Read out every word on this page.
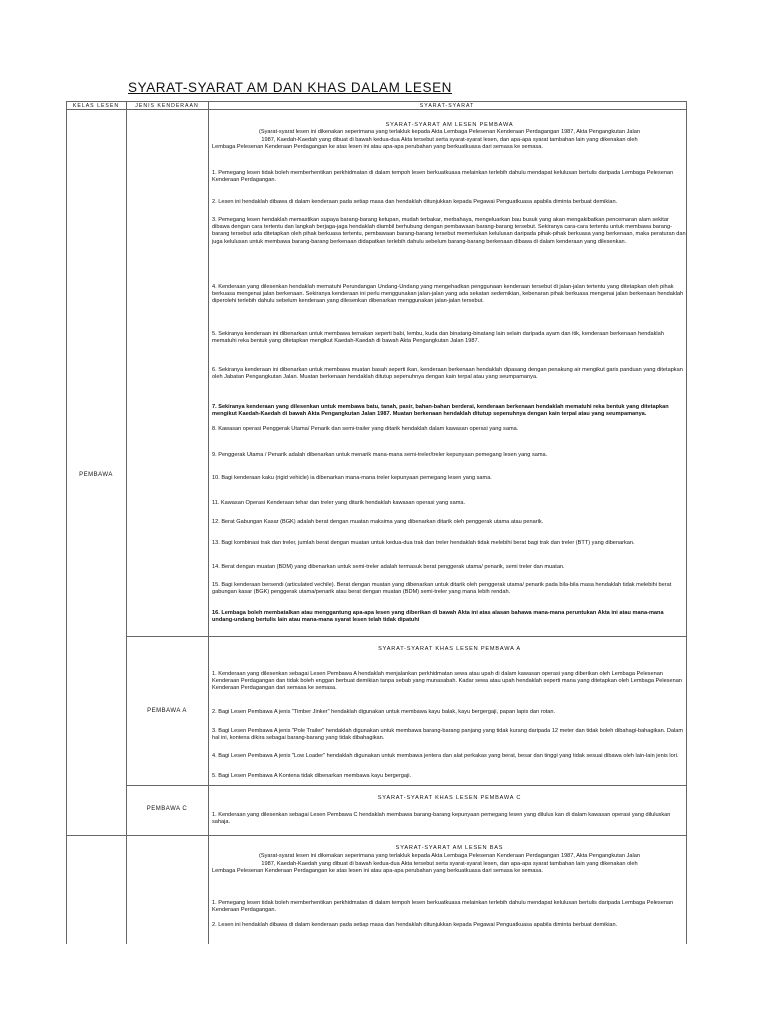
SYARAT-SYARAT AM DAN KHAS DALAM LESEN
KELAS LESEN	JENIS KENDERAAN	SYARAT-SYARAT
PEMBAWA
PEMBAWA A
PEMBAWA C
SYARAT-SYARAT AM LESEN PEMBAWA
(Syarat-syarat lesen ini dikenakan seperimana yang terlakluk kepada Akta Lembaga Pelesenan Kenderaan Perdagangan 1987, Akta Pengangkutan Jalan
1987, Kaedah-Kaedah yang dibuat di bawah kedua-dua Akta tersebut serta syarat-syarat lesen, dan apa-apa syarat tambahan lain yang dikenakan oleh
Lembaga Pelesenan Kenderaan Perdagangan ke atas lesen ini atau apa-apa perubahan yang berkuatkuasa dari semasa ke semasa.
1. Pemegang lesen tidak boleh memberhentikan perkhidmatan di dalam tempoh lesen berkuatkuasa melainkan terlebih dahulu mendapat kelulusan bertulis daripada Lembaga Pelesenan Kenderaan Perdagangan.
2. Lesen ini hendaklah dibawa di dalam kenderaan pada setiap masa dan hendaklah ditunjukkan kepada Pegawai Penguatkuasa apabila diminta berbuat demikian.
3. Pemegang lesen hendaklah memastikan supaya barang-barang ketupan, mudah terbakar, merbahaya, mengeluarkan bau busuk yang akan mengakibatkan pencemaran alam sekitar dibawa dengan cara tertentu dan langkah berjaga-jaga hendaklah diambil berhubung dengan pembawaan barang-barang tersebut. Sekiranya cara-cara tertentu untuk membawa barang-barang tersebut ada ditetapkan oleh pihak berkuasa tertentu, pembawaan barang-barang tersebut memerlukan kelulusan daripada pihak-pihak berkuasa yang berkenaan, maka peraturan dan juga kelulusan untuk membawa barang-barang berkenaan didapatkan terlebih dahulu sebelum barang-barang berkenaan dibawa di dalam kenderaan yang dilesenkan.
4. Kenderaan yang dilesenkan hendaklah mematuhi Perundangan Undang-Undang yang mengehadkan penggunaan kenderaan tersebut di jalan-jalan tertentu yang ditetapkan oleh pihak berkuasa mengenai jalan berkenaan. Sekiranya kenderaan ini perlu menggunakan jalan-jalan yang ada sekatan sedemikian, kebenaran pihak berkuasa mengenai jalan berkenaan hendaklah diperolehi terlebih dahulu sebelum kenderaan yang dilesenkan dibenarkan menggunakan jalan-jalan tersebut.
5. Sekiranya kenderaan ini dibenarkan untuk membawa ternakan seperti babi, lembu, kuda dan binatang-binatang lain selain daripada ayam dan itik, kenderaan berkenaan hendaklah mematuhi reka bentuk yang ditetapkan mengikut Kaedah-Kaedah di bawah Akta Pengangkutan Jalan 1987.
6. Sekiranya kenderaan ini dibenarkan untuk membawa muatan basah seperti ikan, kenderaan berkenaan hendaklah dipasang dengan penakung air mengikut garis panduan yang ditetapkan oleh Jabatan Pengangkutan Jalan. Muatan berkenaan hendaklah ditutup sepenuhnya dengan kain terpal atau yang seumpamanya.
7. Sekiranya kenderaan yang dilesenkan untuk membawa batu, tanah, pasir, bahan-bahan berderai, kenderaan berkenaan hendaklah mematuhi reka bentuk yang ditetapkan mengikut Kaedah-Kaedah di bawah Akta Pengangkutan Jalan 1987. Muatan berkenaan hendaklah ditutup sepenuhnya dengan kain terpal atau yang seumpamanya.
8. Kawasan operasi Penggerak Utama/ Penarik dan semi-trailer yang ditarik hendaklah dalam kawasan operasi yang sama.
9. Penggerak Utama / Penarik adalah dibenarkan untuk menarik mana-mana semi-treler/treler kepunyaan pemegang lesen yang sama.
10. Bagi kenderaan kaku (rigid vehicle) ia dibenarkan mana-mana treler kepunyaan pemegang lesen yang sama.
11. Kawasan Operasi Kenderaan tehar dan treler yang ditarik hendaklah kawasan operasi yang sama.
12. Berat Gabungan Kasar (BGK) adalah berat dengan muatan maksima yang dibenarkan ditarik oleh penggerak utama atau penarik.
13. Bagi kombinasi trak dan treler, jumlah berat dengan muatan untuk kedua-dua trak dan treler hendaklah tidak melebihi berat bagi trak dan treler (BTT) yang dibenarkan.
14. Berat dengan muatan (BDM) yang dibenarkan untuk semi-treler adalah termasuk berat penggerak utama/ penarik, semi treler dan muatan.
15. Bagi kenderaan bersendi (articulated vechile). Berat dengan muatan yang dibenarkan untuk ditarik oleh penggerak utama/ penarik pada bila-bila masa hendaklah tidak melebihi berat gabungan kasar (BGK) penggerak utama/penarik atau berat dengan muatan (BDM) semi-treler yang mana lebih rendah.
16. Lembaga boleh membatalkan atau menggantung apa-apa lesen yang diberikan di bawah Akta ini atas alasan bahawa mana-mana peruntukan Akta ini atau mana-mana undang-undang bertulis lain atau mana-mana syarat lesen telah tidak dipatuhi
SYARAT-SYARAT KHAS LESEN PEMBAWA A
1. Kenderaan yang dilesenkan sebagai Lesen Pembawa A hendaklah menjalankan perkhidmatan sewa atau upah di dalam kawasan operasi yang diberikan oleh Lembaga Pelesenan Kenderaan Perdagangan dan tidak boleh enggan berbuat demikian tanpa sebab yang munasabah. Kadar sewa atau upah hendaklah seperti mana yang ditetapkan oleh Lembaga Pelesenan Kenderaan Perdagangan dari semasa ke semasa.
2. Bagi Lesen Pembawa A jenis "Timber Jinker" hendaklah digunakan untuk membawa kayu balak, kayu bergergaji, papan lapis dan rotan.
3. Bagi Lesen Pembawa A jenis "Pole Trailer" hendaklah digunakan untuk membawa barang-barang panjang yang tidak kurang daripada 12 meter dan tidak boleh dibahagi-bahagikan. Dalam hal ini, kontena dikira sebagai barang-barang yang tidak dibahagikan.
4. Bagi Lesen Pembawa A jenis "Low Loader" hendaklah digunakan untuk membawa jentera dan alat perkakas yang berat, besar dan tinggi yang tidak sesuai dibawa oleh lain-lain jenis lori.
5. Bagi Lesen Pembawa A Kontena tidak dibenarkan membawa kayu bergergaji.
SYARAT-SYARAT KHAS LESEN PEMBAWA C
1. Kenderaan yang dilesenkan sebagai Lesen Pembawa C hendaklah membawa barang-barang kepunyaan pemegang lesen yang dilulus kan di dalam kawasan operasi yang diluluskan sahaja.
SYARAT-SYARAT AM LESEN BAS
(Syarat-syarat lesen ini dikenakan seperimana yang terlakluk kepada Akta Lembaga Pelesenan Kenderaan Perdagangan 1987, Akta Pengangkutan Jalan
1987, Kaedah-Kaedah yang dibuat di bawah kedua-dua Akta tersebut serta syarat-syarat lesen, dan apa-apa syarat tambahan lain yang dikenakan oleh
Lembaga Pelesenan Kenderaan Perdagangan ke atas lesen ini atau apa-apa perubahan yang berkuatkuasa dari semasa ke semasa.
1. Pemegang lesen tidak boleh memberhentikan perkhidmatan di dalam tempoh lesen berkuatkuasa melainkan terlebih dahulu mendapat kelulusan bertulis daripada Lembaga Pelesenan Kenderaan Perdagangan.
2. Lesen ini hendaklah dibawa di dalam kenderaan pada setiap masa dan hendaklah ditunjukkan kepada Pegawai Penguatkuasa apabila diminta berbuat demikian.
